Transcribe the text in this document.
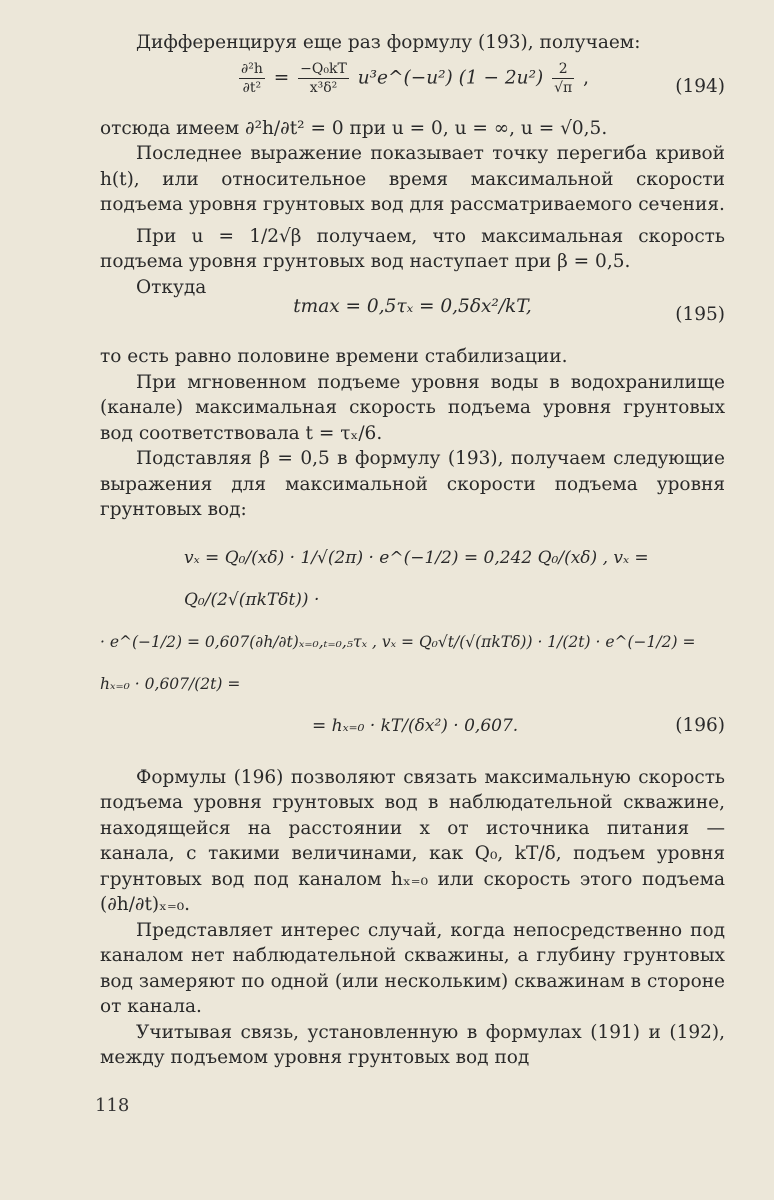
Дифференцируя еще раз формулу (193), получаем:

$\frac{\text{∂²h}}{\text{∂t²}} = \frac{\text{−Q₀kT}}{\text{x³δ²}}$ u³e^(−u²) $(1 - 2u^2) \frac{2}{√\pi}$ ,	(194)

отсюда имеем ∂²h/∂t² = 0 при u = 0, u = ∞, u = √0,5.

Последнее выражение показывает точку перегиба кривой h(t), или относительное время максимальной скорости подъема уровня грунтовых вод для рассматриваемого сечения.

При u = 1/2√β получаем, что максимальная скорость подъема уровня грунтовых вод наступает при β = 0,5.

Откуда

tmax = 0,5τₓ = 0,5δx²/kT,	(195)

то есть равно половине времени стабилизации.

При мгновенном подъеме уровня воды в водохранилище (канале) максимальная скорость подъема уровня грунтовых вод соответствовала t = τₓ/6.

Подставляя β = 0,5 в формулу (193), получаем следующие выражения для максимальной скорости подъема уровня грунтовых вод:

vₓ = Q₀/(xδ) · 1/√(2π) · e^(−1/2) = 0,242 Q₀/(xδ) , vₓ = Q₀/(2√(πkTδt)) ·
· e^(−1/2) = 0,607(∂h/∂t)ₓ₌₀,ₜ₌₀,₅τₓ , vₓ = Q₀√t/(√(πkTδ)) · 1/(2t) · e^(−1/2) = hₓ₌₀ · 0,607/(2t) =
= hₓ₌₀ · kT/(δx²) · 0,607.	(196)

Формулы (196) позволяют связать максимальную скорость подъема уровня грунтовых вод в наблюдательной скважине, находящейся на расстоянии x от источника питания — канала, с такими величинами, как Q₀, kT/δ, подъем уровня грунтовых вод под каналом hₓ₌₀ или скорость этого подъема (∂h/∂t)ₓ₌₀.

Представляет интерес случай, когда непосредственно под каналом нет наблюдательной скважины, а глубину грунтовых вод замеряют по одной (или нескольким) скважинам в стороне от канала.

Учитывая связь, установленную в формулах (191) и (192), между подъемом уровня грунтовых вод под

118
